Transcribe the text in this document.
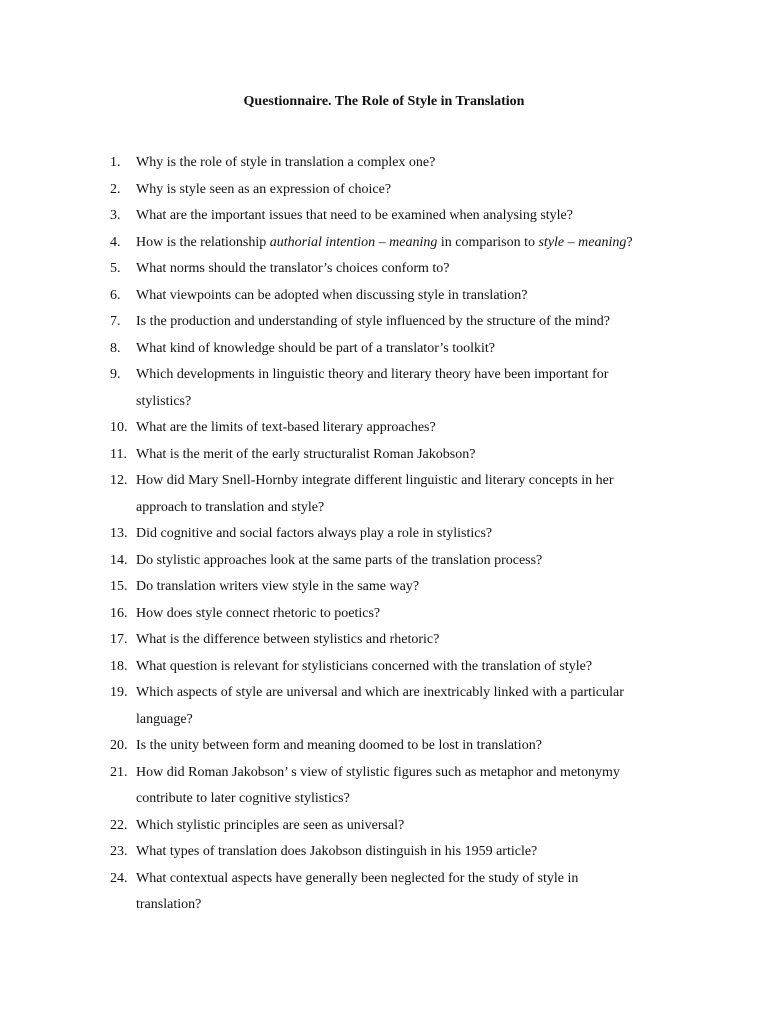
Questionnaire. The Role of Style in Translation
1. Why is the role of style in translation a complex one?
2. Why is style seen as an expression of choice?
3. What are the important issues that need to be examined when analysing style?
4. How is the relationship authorial intention – meaning in comparison to style – meaning?
5. What norms should the translator’s choices conform to?
6. What viewpoints can be adopted when discussing style in translation?
7. Is the production and understanding of style influenced by the structure of the mind?
8. What kind of knowledge should be part of a translator’s toolkit?
9. Which developments in linguistic theory and literary theory have been important for
stylistics?
10. What are the limits of text-based literary approaches?
11. What is the merit of the early structuralist Roman Jakobson?
12. How did Mary Snell-Hornby integrate different linguistic and literary concepts in her
approach to translation and style?
13. Did cognitive and social factors always play a role in stylistics?
14. Do stylistic approaches look at the same parts of the translation process?
15. Do translation writers view style in the same way?
16. How does style connect rhetoric to poetics?
17. What is the difference between stylistics and rhetoric?
18. What question is relevant for stylisticians concerned with the translation of style?
19. Which aspects of style are universal and which are inextricably linked with a particular
language?
20. Is the unity between form and meaning doomed to be lost in translation?
21. How did Roman Jakobson’ s view of stylistic figures such as metaphor and metonymy
contribute to later cognitive stylistics?
22. Which stylistic principles are seen as universal?
23. What types of translation does Jakobson distinguish in his 1959 article?
24. What contextual aspects have generally been neglected for the study of style in
translation?
